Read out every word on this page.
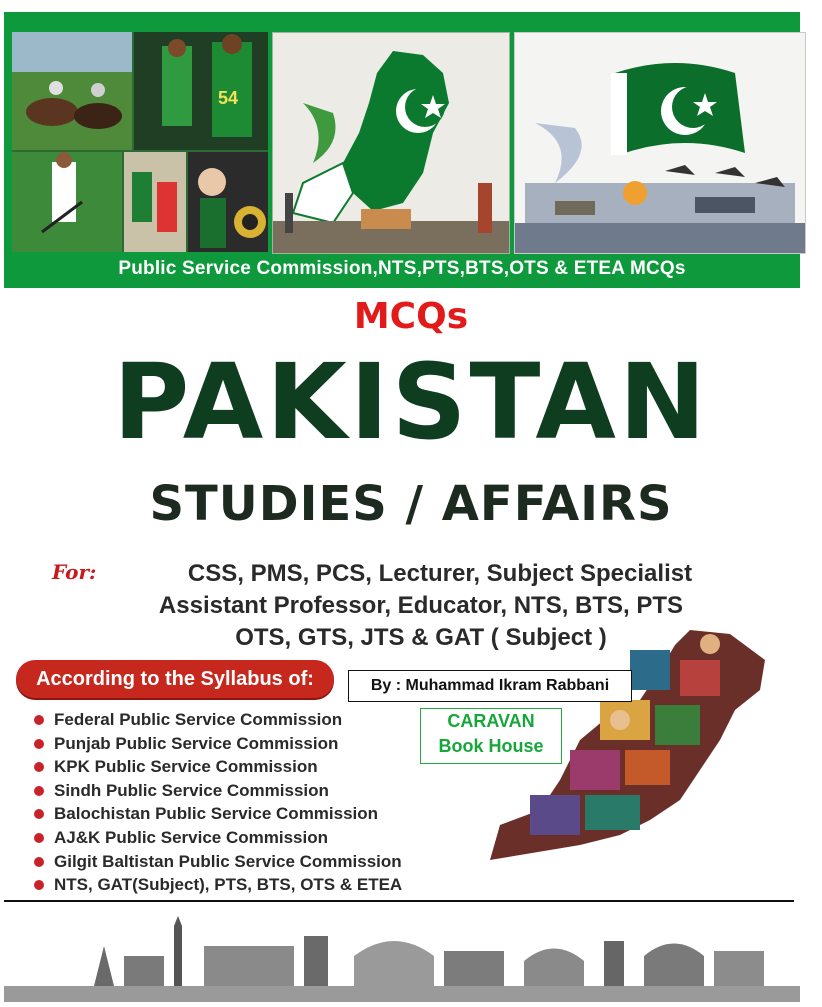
54
Public Service Commission,NTS,PTS,BTS,OTS & ETEA MCQs
MCQs
PAKISTAN
STUDIES / AFFAIRS
For:	CSS, PMS, PCS, Lecturer, Subject Specialist
Assistant Professor, Educator, NTS, BTS, PTS
OTS, GTS, JTS & GAT ( Subject )
According to the Syllabus of:	By : Muhammad Ikram Rabbani
CARAVAN
Book House
Federal Public Service Commission
Punjab Public Service Commission
KPK Public Service Commission
Sindh Public Service Commission
Balochistan Public Service Commission
AJ&K Public Service Commission
Gilgit Baltistan Public Service Commission
NTS, GAT(Subject), PTS, BTS, OTS & ETEA
